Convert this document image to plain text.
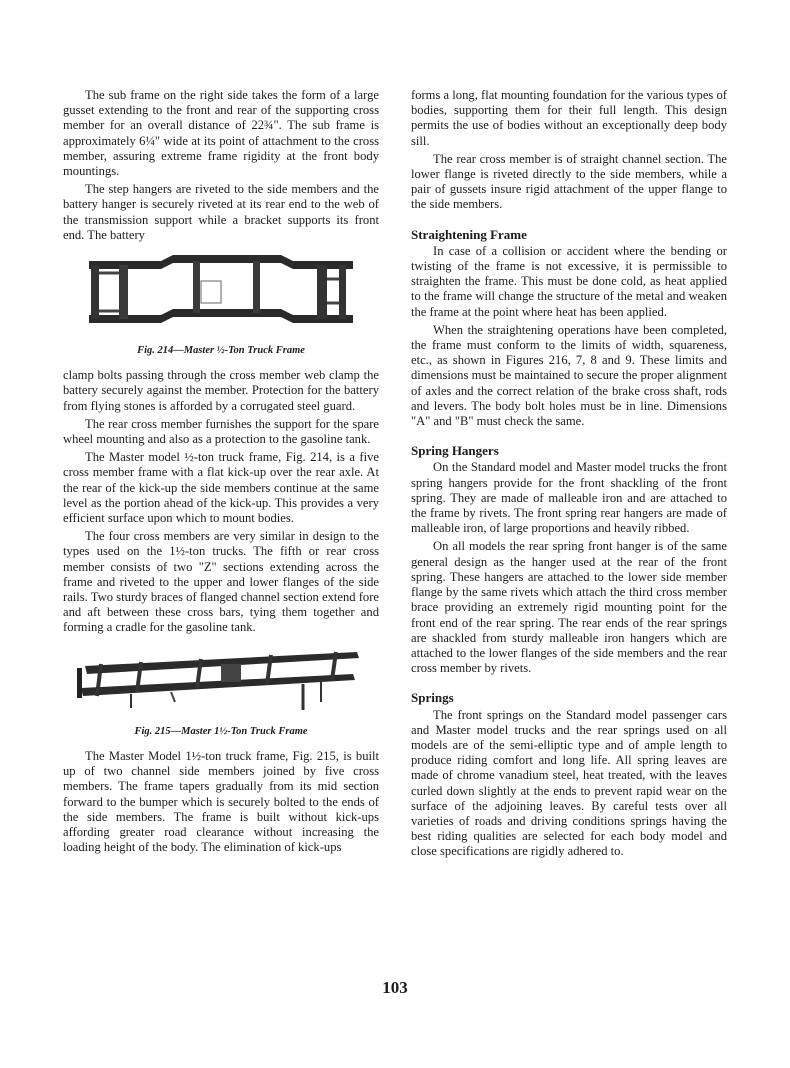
The sub frame on the right side takes the form of a large gusset extending to the front and rear of the supporting cross member for an overall distance of 22¾". The sub frame is approximately 6¼" wide at its point of attachment to the cross member, assuring extreme frame rigidity at the front body mountings.

The step hangers are riveted to the side members and the battery hanger is securely riveted at its rear end to the web of the transmission support while a bracket supports its front end. The battery

Fig. 214—Master ½-Ton Truck Frame

clamp bolts passing through the cross member web clamp the battery securely against the member. Protection for the battery from flying stones is afforded by a corrugated steel guard.

The rear cross member furnishes the support for the spare wheel mounting and also as a protection to the gasoline tank.

The Master model ½-ton truck frame, Fig. 214, is a five cross member frame with a flat kick-up over the rear axle. At the rear of the kick-up the side members continue at the same level as the portion ahead of the kick-up. This provides a very efficient surface upon which to mount bodies.

The four cross members are very similar in design to the types used on the 1½-ton trucks. The fifth or rear cross member consists of two "Z" sections extending across the frame and riveted to the upper and lower flanges of the side rails. Two sturdy braces of flanged channel section extend fore and aft between these cross bars, tying them together and forming a cradle for the gasoline tank.

Fig. 215—Master 1½-Ton Truck Frame

The Master Model 1½-ton truck frame, Fig. 215, is built up of two channel side members joined by five cross members. The frame tapers gradually from its mid section forward to the bumper which is securely bolted to the ends of the side members. The frame is built without kick-ups affording greater road clearance without increasing the loading height of the body. The elimination of kick-ups

forms a long, flat mounting foundation for the various types of bodies, supporting them for their full length. This design permits the use of bodies without an exceptionally deep body sill.

The rear cross member is of straight channel section. The lower flange is riveted directly to the side members, while a pair of gussets insure rigid attachment of the upper flange to the side members.

Straightening Frame

In case of a collision or accident where the bending or twisting of the frame is not excessive, it is permissible to straighten the frame. This must be done cold, as heat applied to the frame will change the structure of the metal and weaken the frame at the point where heat has been applied.

When the straightening operations have been completed, the frame must conform to the limits of width, squareness, etc., as shown in Figures 216, 7, 8 and 9. These limits and dimensions must be maintained to secure the proper alignment of axles and the correct relation of the brake cross shaft, rods and levers. The body bolt holes must be in line. Dimensions "A" and "B" must check the same.

Spring Hangers

On the Standard model and Master model trucks the front spring hangers provide for the front shackling of the front spring. They are made of malleable iron and are attached to the frame by rivets. The front spring rear hangers are made of malleable iron, of large proportions and heavily ribbed.

On all models the rear spring front hanger is of the same general design as the hanger used at the rear of the front spring. These hangers are attached to the lower side member flange by the same rivets which attach the third cross member brace providing an extremely rigid mounting point for the front end of the rear spring. The rear ends of the rear springs are shackled from sturdy malleable iron hangers which are attached to the lower flanges of the side members and the rear cross member by rivets.

Springs

The front springs on the Standard model passenger cars and Master model trucks and the rear springs used on all models are of the semi-elliptic type and of ample length to produce riding comfort and long life. All spring leaves are made of chrome vanadium steel, heat treated, with the leaves curled down slightly at the ends to prevent rapid wear on the surface of the adjoining leaves. By careful tests over all varieties of roads and driving conditions springs having the best riding qualities are selected for each body model and close specifications are rigidly adhered to.

103
